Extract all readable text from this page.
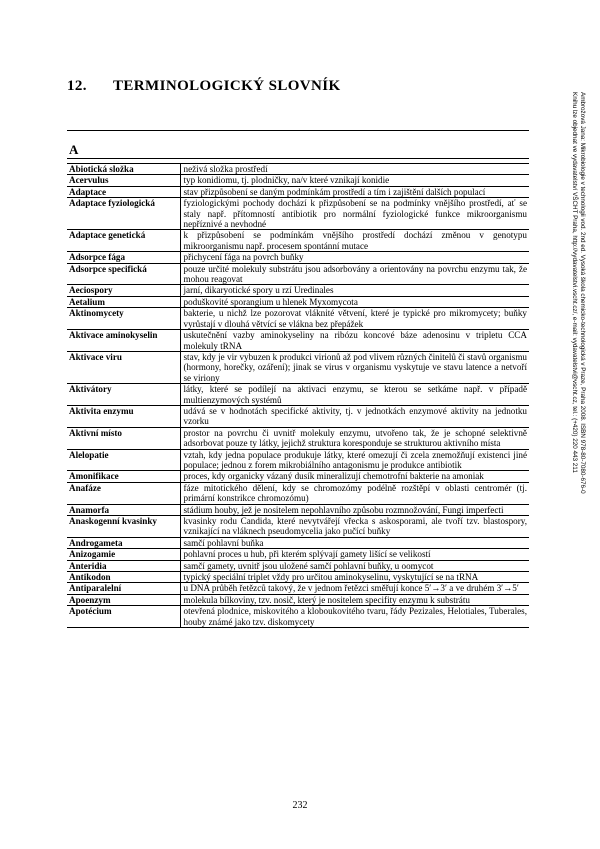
12. TERMINOLOGICKÝ SLOVNÍK
A
Abiotická složka	neživá složka prostředí
Acervulus	typ konidiomu, tj. plodničky, na/v které vznikají konidie
Adaptace	stav přizpůsobení se daným podmínkám prostředí a tím i zajištění dalších populací
Adaptace fyziologická	fyziologickými pochody dochází k přizpůsobení se na podmínky vnějšího prostředí, ať se staly např. přítomností antibiotik pro normální fyziologické funkce mikroorganismu nepříznivé a nevhodné
Adaptace genetická	k přizpůsobení se podmínkám vnějšího prostředí dochází změnou v genotypu mikroorganismu např. procesem spontánní mutace
Adsorpce fága	přichycení fága na povrch buňky
Adsorpce specifická	pouze určité molekuly substrátu jsou adsorbovány a orientovány na povrchu enzymu tak, že mohou reagovat
Aeciospory	jarní, dikaryotické spory u rzí Uredinales
Aetalium	poduškovité sporangium u hlenek Myxomycota
Aktinomycety	bakterie, u nichž lze pozorovat vláknité větvení, které je typické pro mikromycety; buňky vyrůstají v dlouhá větvící se vlákna bez přepážek
Aktivace aminokyselin	uskutečnění vazby aminokyseliny na ribózu koncové báze adenosinu v tripletu CCA molekuly tRNA
Aktivace viru	stav, kdy je vir vybuzen k produkci virionů až pod vlivem různých činitelů či stavů organismu (hormony, horečky, ozáření); jinak se virus v organismu vyskytuje ve stavu latence a netvoří se viriony
Aktivátory	látky, které se podílejí na aktivaci enzymu, se kterou se setkáme např. v případě multienzymových systémů
Aktivita enzymu	udává se v hodnotách specifické aktivity, tj. v jednotkách enzymové aktivity na jednotku vzorku
Aktivní místo	prostor na povrchu či uvnitř molekuly enzymu, utvořeno tak, že je schopné selektivně adsorbovat pouze ty látky, jejichž struktura koresponduje se strukturou aktivního místa
Alelopatie	vztah, kdy jedna populace produkuje látky, které omezují či zcela znemožňují existenci jiné populace; jednou z forem mikrobiálního antagonismu je produkce antibiotik
Amonifikace	proces, kdy organicky vázaný dusík mineralizují chemotrofní bakterie na amoniak
Anafáze	fáze mitotického dělení, kdy se chromozómy podélně rozštěpí v oblasti centromér (tj. primární konstrikce chromozómu)
Anamorfa	stádium houby, jež je nositelem nepohlavního způsobu rozmnožování, Fungi imperfecti
Anaskogenní kvasinky	kvasinky rodu Candida, které nevytvářejí vřecka s askosporami, ale tvoří tzv. blastospory, vznikající na vláknech pseudomycelia jako pučící buňky
Androgameta	samčí pohlavní buňka
Anizogamie	pohlavní proces u hub, při kterém splývají gamety lišící se velikostí
Anteridia	samčí gamety, uvnitř jsou uložené samčí pohlavní buňky, u oomycot
Antikodon	typický speciální triplet vždy pro určitou aminokyselinu, vyskytující se na tRNA
Antiparalelní	u DNA průběh řetězců takový, že v jednom řetězci směřují konce 5′→3′ a ve druhém 3′→5′
Apoenzym	molekula bílkoviny, tzv. nosič, který je nositelem specifity enzymu k substrátu
Apotécium	otevřená plodnice, miskovitého a kloboukovitého tvaru, řády Pezizales, Helotiales, Tuberales, houby známé jako tzv. diskomycety
Ambrožová Jana: Mikrobiologie v technologii vod. 2nd ed. Vysoká škola chemicko-technologická v Praze, Praha 2008. ISBN 978-80-7080-676-0
Knihu lze objednat ve vydavatelství VŠCHT Praha, http://vydavatelstvi.vscht.cz/, e-mail: vydavatelstvi@vscht.cz, tel.: (+420) 220 443 211
232
